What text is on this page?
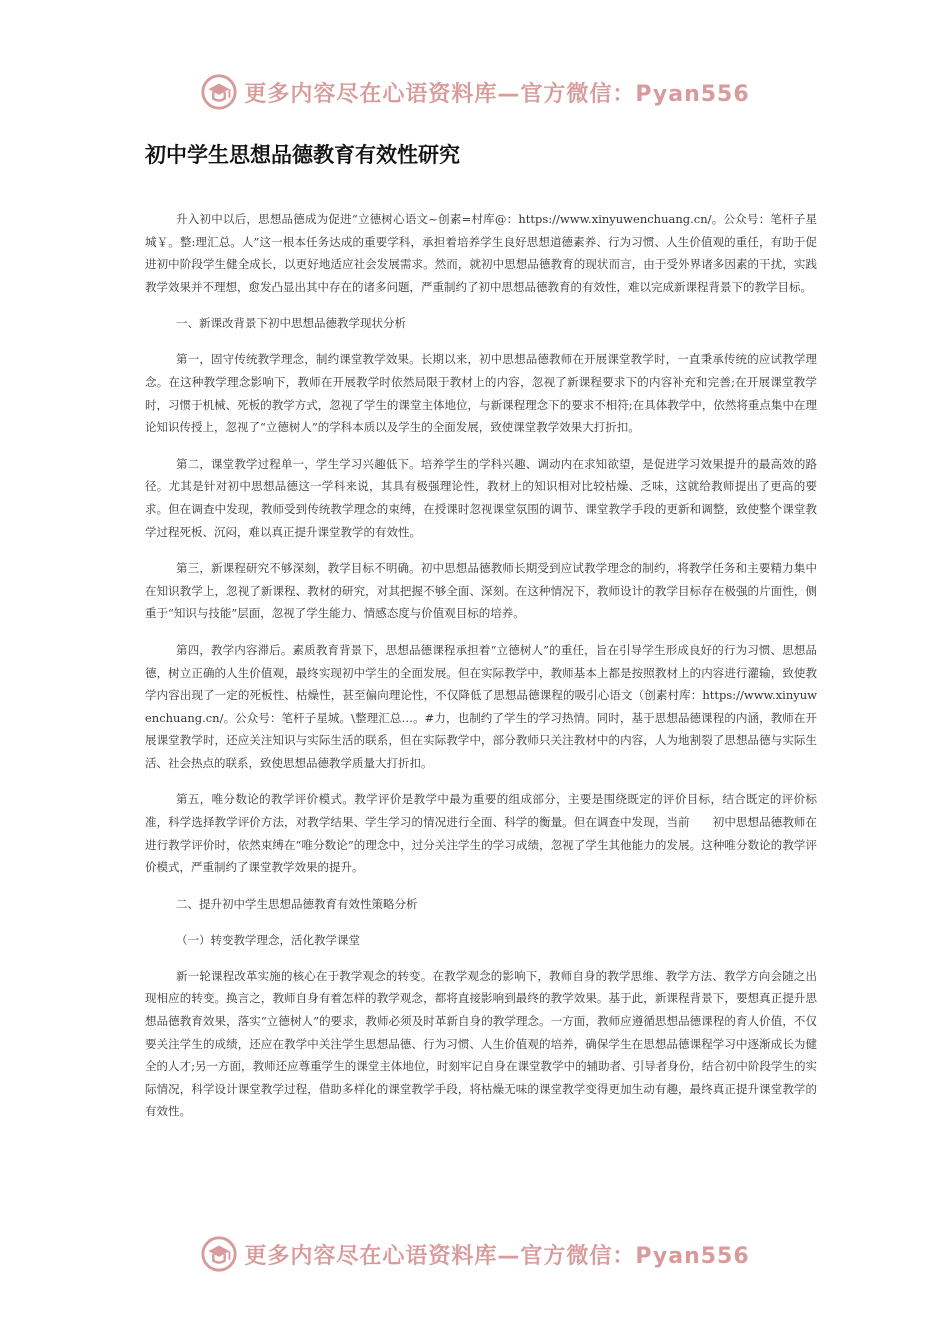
更多内容尽在心语资料库—官方微信：Pyan556
初中学生思想品德教育有效性研究

升入初中以后，思想品德成为促进“立德树心语文~创素=村库@：https://www.xinyuwenchuang.cn/。公众号：笔杆子星城￥。整:理汇总。人”这一根本任务达成的重要学科，承担着培养学生良好思想道德素养、行为习惯、人生价值观的重任，有助于促进初中阶段学生健全成长，以更好地适应社会发展需求。然而，就初中思想品德教育的现状而言，由于受外界诸多因素的干扰，实践教学效果并不理想，愈发凸显出其中存在的诸多问题，严重制约了初中思想品德教育的有效性，难以完成新课程背景下的教学目标。

一、新课改背景下初中思想品德教学现状分析

第一，固守传统教学理念，制约课堂教学效果。长期以来，初中思想品德教师在开展课堂教学时，一直秉承传统的应试教学理念。在这种教学理念影响下，教师在开展教学时依然局限于教材上的内容，忽视了新课程要求下的内容补充和完善;在开展课堂教学时，习惯于机械、死板的教学方式，忽视了学生的课堂主体地位，与新课程理念下的要求不相符;在具体教学中，依然将重点集中在理论知识传授上，忽视了“立德树人”的学科本质以及学生的全面发展，致使课堂教学效果大打折扣。

第二，课堂教学过程单一，学生学习兴趣低下。培养学生的学科兴趣、调动内在求知欲望，是促进学习效果提升的最高效的路径。尤其是针对初中思想品德这一学科来说，其具有极强理论性，教材上的知识相对比较枯燥、乏味，这就给教师提出了更高的要求。但在调查中发现，教师受到传统教学理念的束缚，在授课时忽视课堂氛围的调节、课堂教学手段的更新和调整，致使整个课堂教学过程死板、沉闷，难以真正提升课堂教学的有效性。

第三，新课程研究不够深刻，教学目标不明确。初中思想品德教师长期受到应试教学理念的制约，将教学任务和主要精力集中在知识教学上，忽视了新课程、教材的研究，对其把握不够全面、深刻。在这种情况下，教师设计的教学目标存在极强的片面性，侧重于“知识与技能”层面，忽视了学生能力、情感态度与价值观目标的培养。

第四，教学内容滞后。素质教育背景下，思想品德课程承担着“立德树人”的重任，旨在引导学生形成良好的行为习惯、思想品德，树立正确的人生价值观，最终实现初中学生的全面发展。但在实际教学中，教师基本上都是按照教材上的内容进行灌输，致使教学内容出现了一定的死板性、枯燥性，甚至偏向理论性，不仅降低了思想品德课程的吸引心语文（创素村库：https://www.xinyuwenchuang.cn/。公众号：笔杆子星城。\整理汇总…。#力，也制约了学生的学习热情。同时，基于思想品德课程的内涵，教师在开展课堂教学时，还应关注知识与实际生活的联系，但在实际教学中，部分教师只关注教材中的内容，人为地割裂了思想品德与实际生活、社会热点的联系，致使思想品德教学质量大打折扣。

第五，唯分数论的教学评价模式。教学评价是教学中最为重要的组成部分，主要是围绕既定的评价目标，结合既定的评价标准，科学选择教学评价方法，对教学结果、学生学习的情况进行全面、科学的衡量。但在调查中发现，当前　　初中思想品德教师在进行教学评价时，依然束缚在“唯分数论”的理念中，过分关注学生的学习成绩，忽视了学生其他能力的发展。这种唯分数论的教学评价模式，严重制约了课堂教学效果的提升。

二、提升初中学生思想品德教育有效性策略分析

（一）转变教学理念，活化教学课堂

新一轮课程改革实施的核心在于教学观念的转变。在教学观念的影响下，教师自身的教学思维、教学方法、教学方向会随之出现相应的转变。换言之，教师自身有着怎样的教学观念，都将直接影响到最终的教学效果。基于此，新课程背景下，要想真正提升思想品德教育效果，落实“立德树人”的要求，教师必须及时革新自身的教学理念。一方面，教师应遵循思想品德课程的育人价值，不仅要关注学生的成绩，还应在教学中关注学生思想品德、行为习惯、人生价值观的培养，确保学生在思想品德课程学习中逐渐成长为健全的人才;另一方面，教师还应尊重学生的课堂主体地位，时刻牢记自身在课堂教学中的辅助者、引导者身份，结合初中阶段学生的实际情况，科学设计课堂教学过程，借助多样化的课堂教学手段，将枯燥无味的课堂教学变得更加生动有趣，最终真正提升课堂教学的有效性。

更多内容尽在心语资料库—官方微信：Pyan556
